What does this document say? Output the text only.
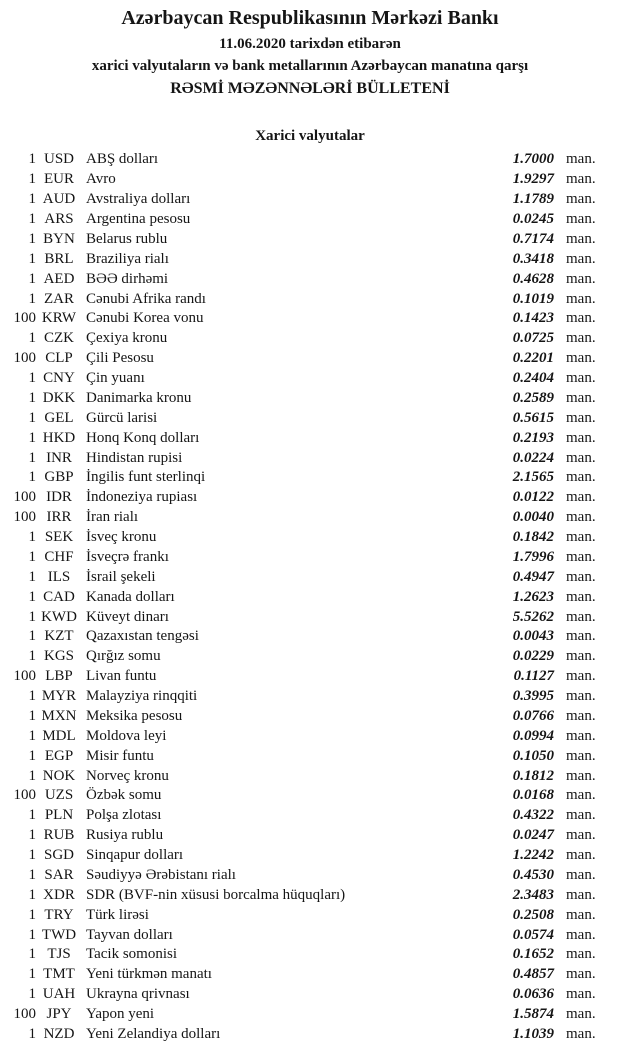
Azərbaycan Respublikasının Mərkəzi Bankı
11.06.2020 tarixdən etibarən
xarici valyutaların və bank metallarının Azərbaycan manatına qarşı
RƏSMİ MƏZƏNNƏLƏRİ BÜLLETENİ
Xarici valyutalar
1 USD ABŞ dolları	1.7000 man.
1 EUR Avro	1.9297 man.
1 AUD Avstraliya dolları	1.1789 man.
1 ARS Argentina pesosu	0.0245 man.
1 BYN Belarus rublu	0.7174 man.
1 BRL Braziliya rialı	0.3418 man.
1 AED BƏƏ dirhəmi	0.4628 man.
1 ZAR Cənubi Afrika randı	0.1019 man.
100 KRW Cənubi Korea vonu	0.1423 man.
1 CZK Çexiya kronu	0.0725 man.
100 CLP Çili Pesosu	0.2201 man.
1 CNY Çin yuanı	0.2404 man.
1 DKK Danimarka kronu	0.2589 man.
1 GEL Gürcü larisi	0.5615 man.
1 HKD Honq Konq dolları	0.2193 man.
1 INR Hindistan rupisi	0.0224 man.
1 GBP İngilis funt sterlinqi	2.1565 man.
100 IDR İndoneziya rupiası	0.0122 man.
100 IRR İran rialı	0.0040 man.
1 SEK İsveç kronu	0.1842 man.
1 CHF İsveçrə frankı	1.7996 man.
1 ILS	İsrail şekeli	0.4947 man.
1 CAD Kanada dolları	1.2623 man.
1 KWD Küveyt dinarı	5.5262 man.
1 KZT Qazaxıstan tengəsi	0.0043 man.
1 KGS Qırğız somu	0.0229 man.
100 LBP Livan funtu	0.1127 man.
1 MYR Malayziya rinqqiti	0.3995 man.
1 MXN Meksika pesosu	0.0766 man.
1 MDL Moldova leyi	0.0994 man.
1 EGP Misir funtu	0.1050 man.
1 NOK Norveç kronu	0.1812 man.
100 UZS Özbək somu	0.0168 man.
1 PLN Polşa zlotası	0.4322 man.
1 RUB Rusiya rublu	0.0247 man.
1 SGD Sinqapur dolları	1.2242 man.
1 SAR Səudiyyə Ərəbistanı rialı	0.4530 man.
1 XDR SDR (BVF-nin xüsusi borcalma hüquqları)	2.3483 man.
1 TRY Türk lirəsi	0.2508 man.
1 TWD Tayvan dolları	0.0574 man.
1 TJS	Tacik somonisi	0.1652 man.
1 TMT Yeni türkmən manatı	0.4857 man.
1 UAH Ukrayna qrivnası	0.0636 man.
100 JPY Yapon yeni	1.5874 man.
1 NZD Yeni Zelandiya dolları	1.1039 man.
